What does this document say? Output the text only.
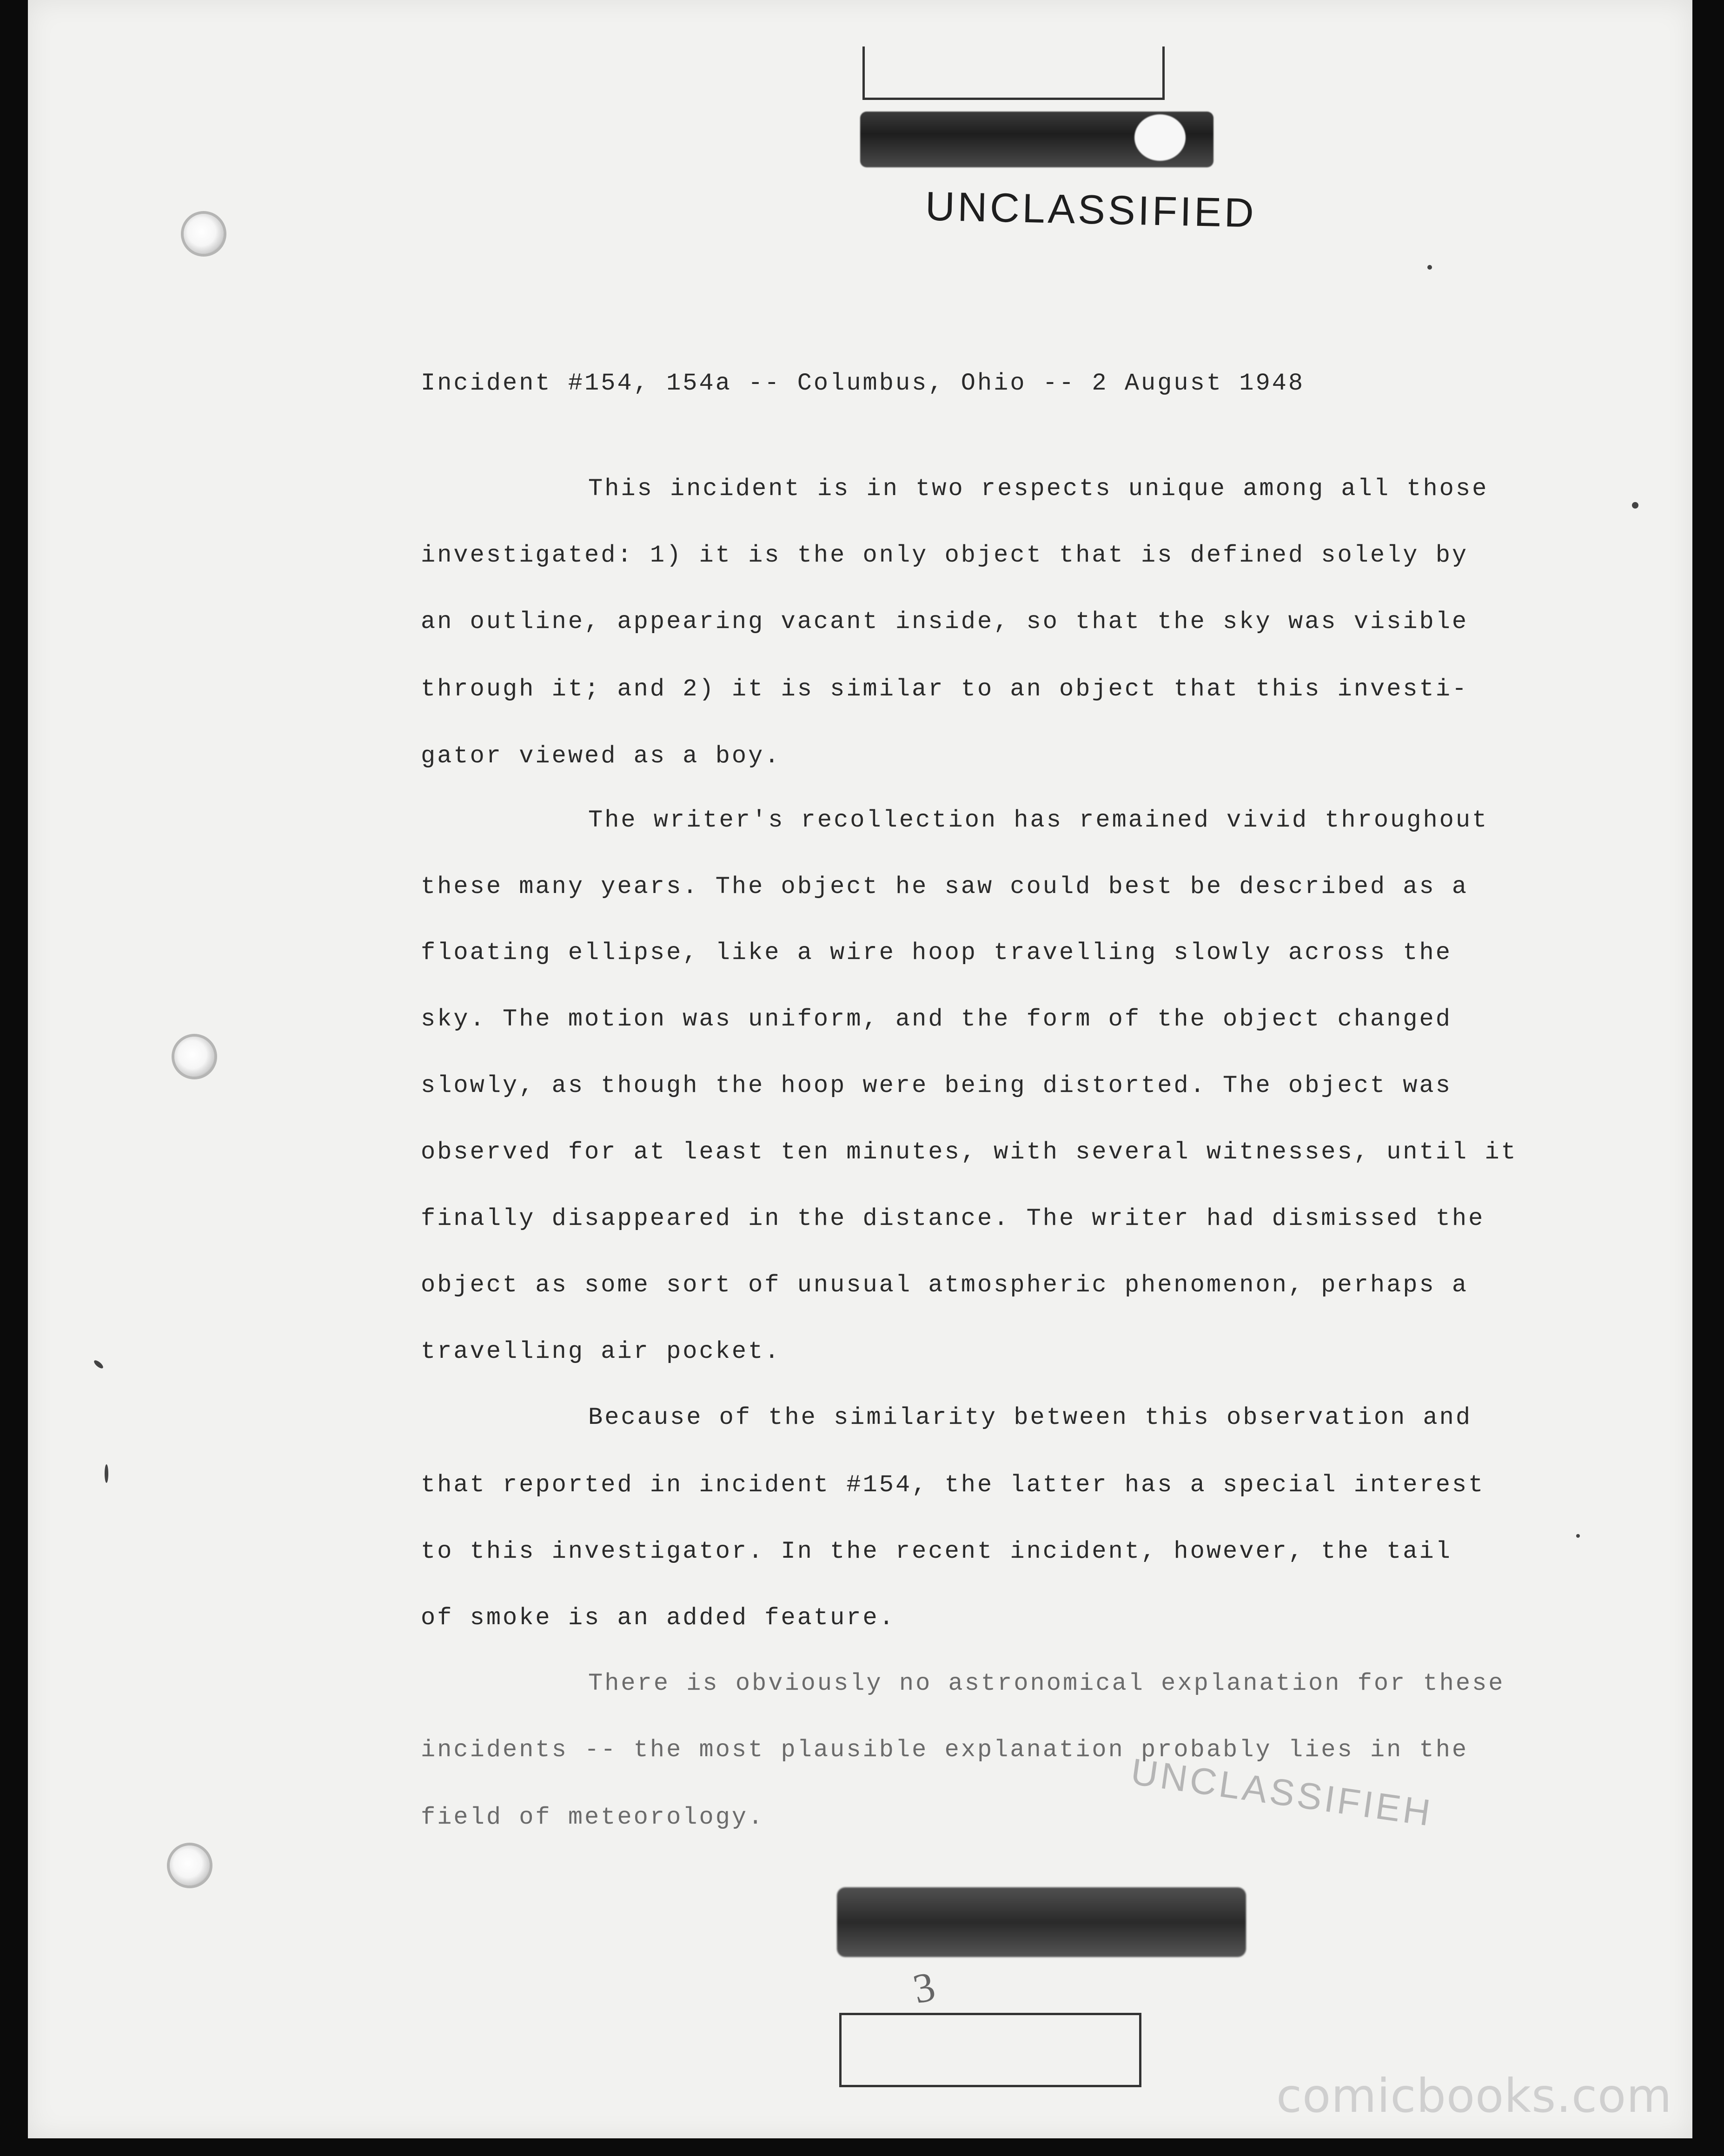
UNCLASSIFIED
UNCLASSIFIEH
3
Incident #154, 154a -- Columbus, Ohio -- 2 August 1948
This incident is in two respects unique among all those
investigated: 1) it is the only object that is defined solely by
an outline, appearing vacant inside, so that the sky was visible
through it; and 2) it is similar to an object that this investi-
gator viewed as a boy.
The writer's recollection has remained vivid throughout
these many years. The object he saw could best be described as a
floating ellipse, like a wire hoop travelling slowly across the
sky. The motion was uniform, and the form of the object changed
slowly, as though the hoop were being distorted. The object was
observed for at least ten minutes, with several witnesses, until it
finally disappeared in the distance. The writer had dismissed the
object as some sort of unusual atmospheric phenomenon, perhaps a
travelling air pocket.
Because of the similarity between this observation and
that reported in incident #154, the latter has a special interest
to this investigator. In the recent incident, however, the tail
of smoke is an added feature.
There is obviously no astronomical explanation for these
incidents -- the most plausible explanation probably lies in the
field of meteorology.
comicbooks.com
